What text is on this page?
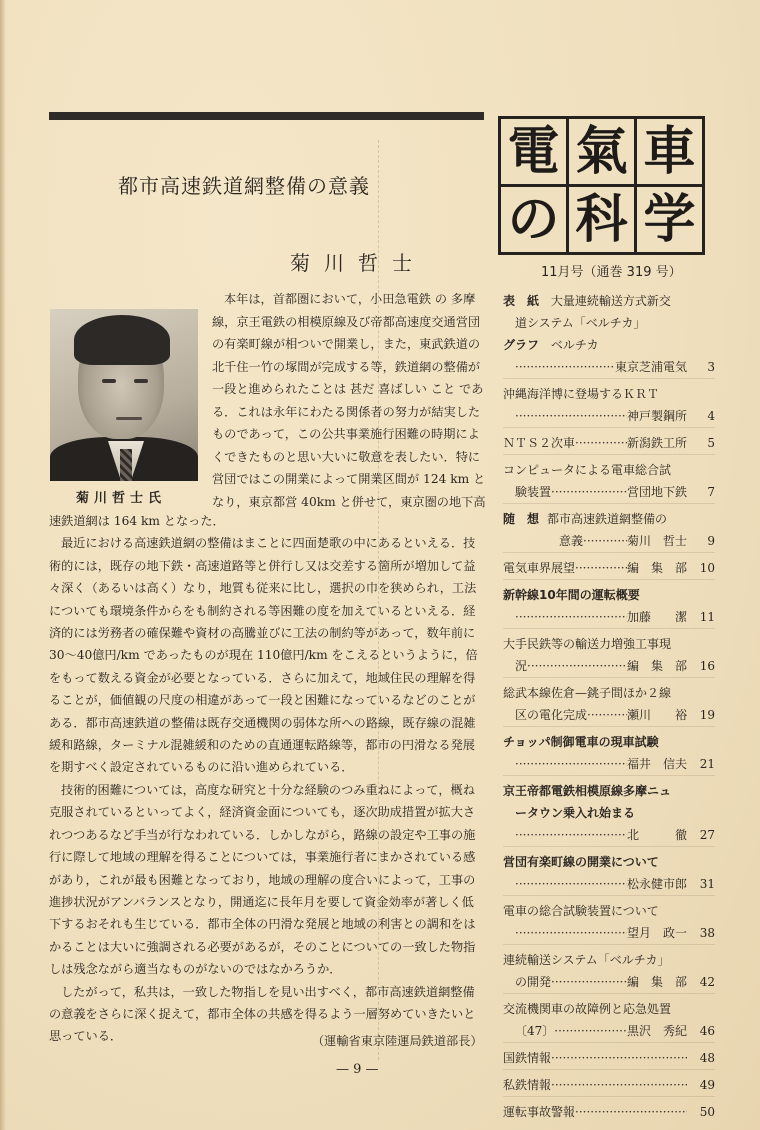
都市高速鉄道網整備の意義
菊川哲士
菊川哲士氏
本年は，首都圏において，小田急電鉄 の 多摩
線，京王電鉄の相模原線及び帝都高速度交通営団
の有楽町線が相ついで開業し，また，東武鉄道の
北千住一竹の塚間が完成する等，鉄道網の整備が
一段と進められたことは 甚だ 喜ばしい こと であ
る．これは永年にわたる関係者の努力が結実した
ものであって，この公共事業施行困難の時期によ
くできたものと思い大いに敬意を表したい．特に
営団ではこの開業によって開業区間が 124 km と
なり，東京都営 40km と併せて，東京圏の地下高
速鉄道網は 164 km となった．
最近における高速鉄道網の整備はまことに四面楚歌の中にあるといえる．技
術的には，既存の地下鉄・高速道路等と併行し又は交差する箇所が増加して益
々深く（あるいは高く）なり，地質も従来に比し，選択の巾を狭められ，工法
についても環境条件からをも制約される等困難の度を加えているといえる．経
済的には労務者の確保難や資材の高騰並びに工法の制約等があって，数年前に
30〜40億円/km であったものが現在 110億円/km をこえるというように，倍
をもって数える資金が必要となっている．さらに加えて，地域住民の理解を得
ることが，価値観の尺度の相違があって一段と困難になっているなどのことが
ある．都市高速鉄道の整備は既存交通機関の弱体な所への路線，既存線の混雑
緩和路線，ターミナル混雑緩和のための直通運転路線等，都市の円滑なる発展
を期すべく設定されているものに沿い進められている．
技術的困難については，高度な研究と十分な経験のつみ重ねによって，概ね
克服されているといってよく，経済資金面についても，逐次助成措置が拡大さ
れつつあるなど手当が行なわれている．しかしながら，路線の設定や工事の施
行に際して地域の理解を得ることについては，事業施行者にまかされている感
があり，これが最も困難となっており，地域の理解の度合いによって，工事の
進捗状況がアンバランスとなり，開通迄に長年月を要して資金効率が著しく低
下するおそれも生じている．都市全体の円滑な発展と地域の利害との調和をは
かることは大いに強調される必要があるが，そのことについての一致した物指
しは残念ながら適当なものがないのではなかろうか．
したがって，私共は，一致した物指しを見い出すべく，都市高速鉄道網整備
の意義をさらに深く捉えて，都市全体の共感を得るよう一層努めていきたいと
思っている．	（運輸省東京陸運局鉄道部長）
— 9 —
電 氣 車
の 科 学
11月号（通巻 319 号）
表　紙 大量連続輸送方式新交
道システム「ベルチカ」
グラフ ベルチカ
·····
東京芝浦電気	3
沖縄海洋博に登場するＫＲＴ
·····
神戸製鋼所	4
ＮＴＳ２次車 ·····	新潟鉄工所	5
コンピュータによる電車総合試
験装置 ·····	営団地下鉄	7
随　想 都市高速鉄道網整備の
意義 ·····	菊川　哲士	9
電気車界展望 ·····	編　集　部	10
新幹線10年間の運転概要
·····
加藤　　潔	11
大手民鉄等の輸送力増強工事現
況 ·····	編　集　部	16
総武本線佐倉—銚子間ほか２線
区の電化完成 ·····	瀬川　　裕	19
チョッパ制御電車の現車試験
·····
福井　信夫	21
京王帝都電鉄相模原線多摩ニュ
ータウン乗入れ始まる
·····
北　　　徹	27
営団有楽町線の開業について
·····
松永健市郎	31
電車の総合試験装置について
·····
望月　政一	38
連続輸送システム「ベルチカ」
の開発 ·····	編　集　部	42
交流機関車の故障例と応急処置
〔47〕 ·····	黒沢　秀紀	46
国鉄情報 ·····	48
私鉄情報 ·····	49
運転事故警報 ·····	50
